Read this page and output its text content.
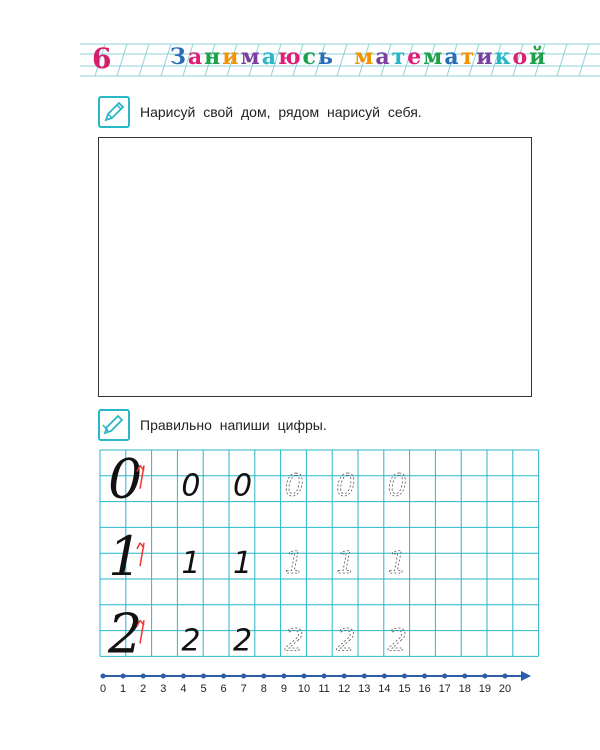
6	Занимаюсь математикой
Нарисуй свой дом, рядом нарисуй себя.
Правильно напиши цифры.
0 0 0 0 0 0
1 1 1 1 1 1
2 2 2 2 2 2
0 1 2 3 4 5 6 7 8 9 10 11 12 13 14 15 16 17 18 19 20
